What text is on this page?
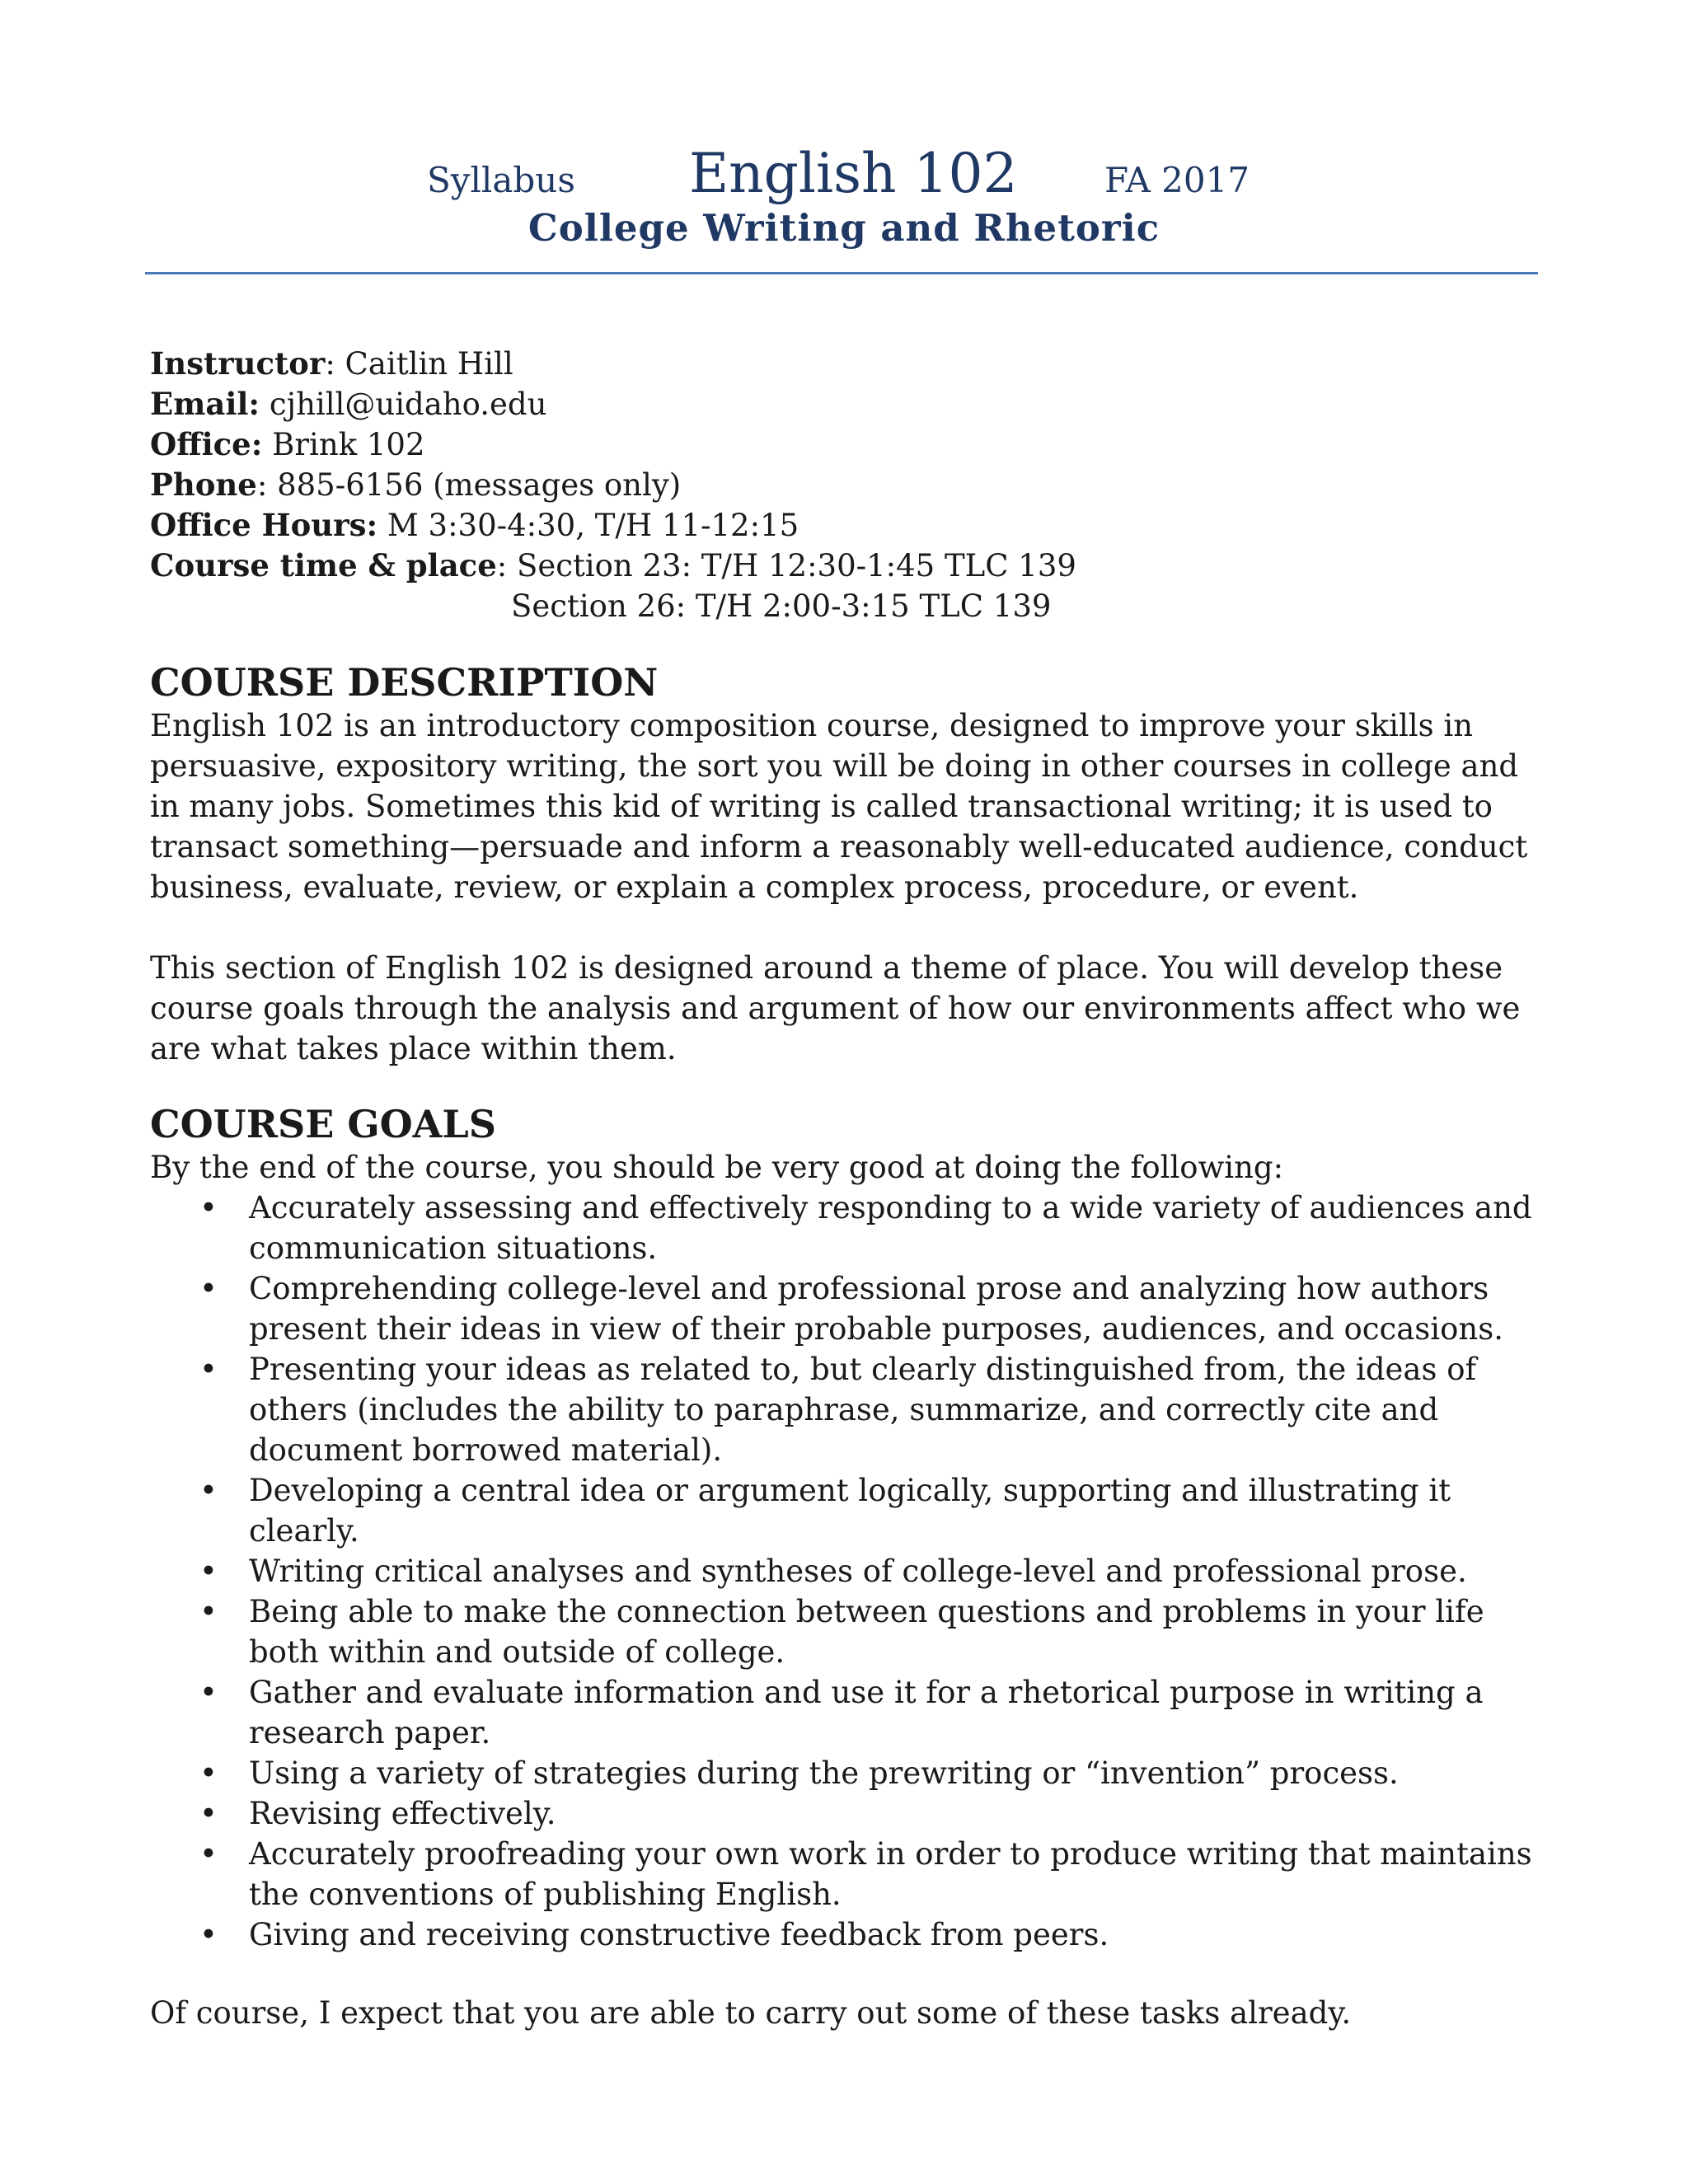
Syllabus English 102	FA 2017
College Writing and Rhetoric
Instructor: Caitlin Hill
Email: cjhill@uidaho.edu
Office: Brink 102
Phone: 885-6156 (messages only)
Office Hours: M 3:30-4:30, T/H 11-12:15
Course time & place: Section 23: T/H 12:30-1:45 TLC 139
Section 26: T/H 2:00-3:15 TLC 139
COURSE DESCRIPTION

English 102 is an introductory composition course, designed to improve your skills in persuasive, expository writing, the sort you will be doing in other courses in college and in many jobs. Sometimes this kid of writing is called transactional writing; it is used to transact something—persuade and inform a reasonably well-educated audience, conduct business, evaluate, review, or explain a complex process, procedure, or event.

This section of English 102 is designed around a theme of place. You will develop these course goals through the analysis and argument of how our environments affect who we are what takes place within them.

COURSE GOALS

By the end of the course, you should be very good at doing the following:

• Accurately assessing and effectively responding to a wide variety of audiences and communication situations.
• Comprehending college-level and professional prose and analyzing how authors present their ideas in view of their probable purposes, audiences, and occasions.
• Presenting your ideas as related to, but clearly distinguished from, the ideas of others (includes the ability to paraphrase, summarize, and correctly cite and document borrowed material).
• Developing a central idea or argument logically, supporting and illustrating it clearly.
• Writing critical analyses and syntheses of college-level and professional prose.
• Being able to make the connection between questions and problems in your life both within and outside of college.
• Gather and evaluate information and use it for a rhetorical purpose in writing a research paper.
• Using a variety of strategies during the prewriting or “invention” process.
• Revising effectively.
• Accurately proofreading your own work in order to produce writing that maintains the conventions of publishing English.
• Giving and receiving constructive feedback from peers.
Of course, I expect that you are able to carry out some of these tasks already.
